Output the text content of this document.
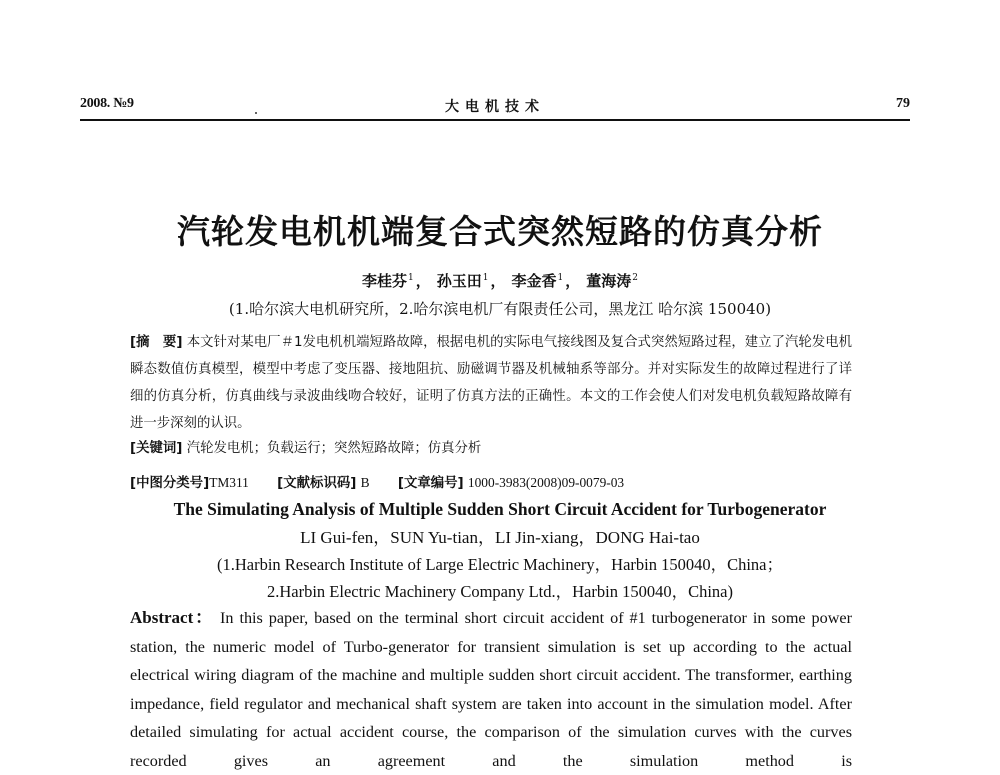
2008. №9	大电机技术	79
汽轮发电机机端复合式突然短路的仿真分析
李桂芬$^1$ ， 孙玉田$^1$ ， 李金香$^1$ ， 董海涛$^2$
(1.哈尔滨大电机研究所，2.哈尔滨电机厂有限责任公司，黑龙江 哈尔滨 150040)
[摘　要] 本文针对某电厂＃1发电机机端短路故障，根据电机的实际电气接线图及复合式突然短路过程，建立了汽轮发电机瞬态数值仿真模型，模型中考虑了变压器、接地阻抗、励磁调节器及机械轴系等部分。并对实际发生的故障过程进行了详细的仿真分析，仿真曲线与录波曲线吻合较好，证明了仿真方法的正确性。本文的工作会使人们对发电机负载短路故障有进一步深刻的认识。
[关键词] 汽轮发电机；负载运行；突然短路故障；仿真分析
[中图分类号]TM311 [文献标识码] B [文章编号] 1000-3983(2008)09-0079-03
The Simulating Analysis of Multiple Sudden Short Circuit Accident for Turbogenerator
LI Gui-fen，SUN Yu-tian，LI Jin-xiang，DONG Hai-tao
(1.Harbin Research Institute of Large Electric Machinery，Harbin 150040，China；
2.Harbin Electric Machinery Company Ltd.，Harbin 150040，China)
Abstract： In this paper, based on the terminal short circuit accident of #1 turbogenerator in some power station, the numeric model of Turbo-generator for transient simulation is set up according to the actual electrical wiring diagram of the machine and multiple sudden short circuit accident. The transformer, earthing impedance, field regulator and mechanical shaft system are taken into account in the simulation model. After detailed simulating for actual accident course, the comparison of the simulation curves with the curves recorded gives an agreement and the simulation method is
